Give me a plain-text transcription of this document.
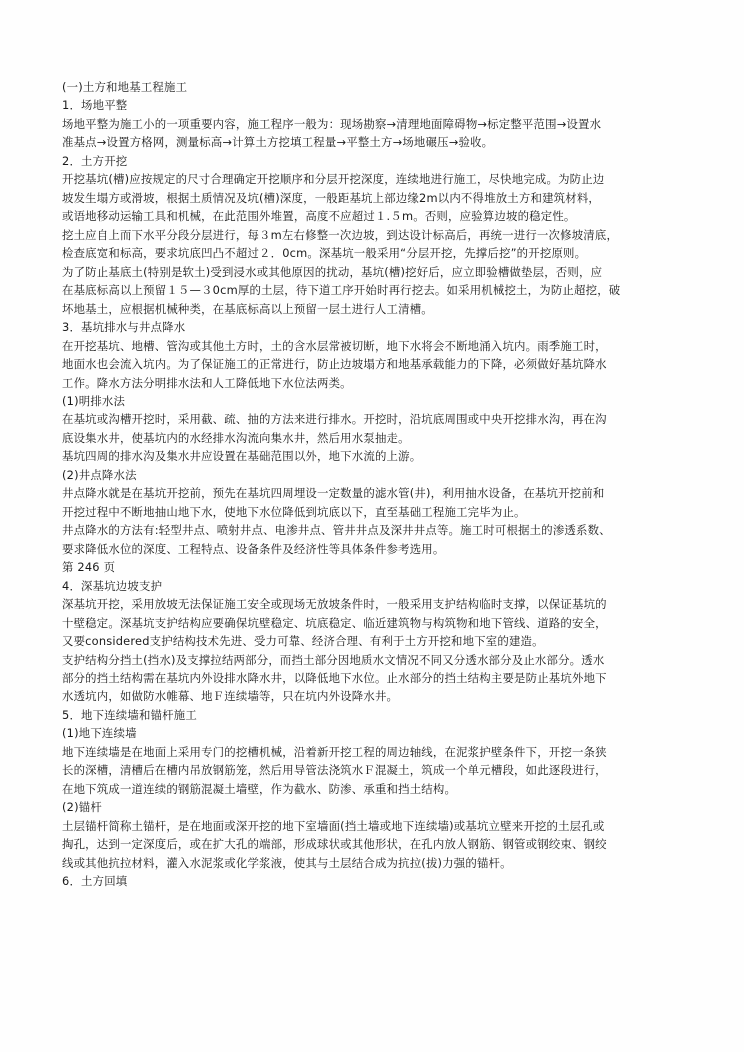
(一)土方和地基工程施工
1．场地平整
场地平整为施工小的一项重要内容，施工程序一般为：现场勘察→清理地面障碍物→标定整平范围→设置水
准基点→设置方格网，测量标高→计算土方挖填工程量→平整土方→场地碾压→验收。
2．土方开挖
开挖基坑(槽)应按规定的尺寸合理确定开挖顺序和分层开挖深度，连续地进行施工，尽快地完成。为防止边
坡发生塌方或滑坡，根据土质情况及坑(槽)深度，一般距基坑上部边缘2m以内不得堆放土方和建筑材料，
或语地移动运输工具和机械，在此范围外堆置，高度不应超过１.５m。否则，应验算边坡的稳定性。
挖土应自上而下水平分段分层进行，每３m左右修整一次边坡，到达设计标高后，再统一进行一次修坡清底，
检查底宽和标高，要求坑底凹凸不超过２．0cm。深基坑一般采用“分层开挖，先撑后挖”的开挖原则。
为了防止基底土(特别是软土)受到浸水或其他原因的扰动，基坑(槽)挖好后，应立即验槽做垫层，否则，应
在基底标高以上预留１５—３0cm厚的土层，待下道工序开始时再行挖去。如采用机械挖土，为防止超挖，破
坏地基土，应根据机械种类，在基底标高以上预留一层土进行人工清槽。
3．基坑排水与井点降水
在开挖基坑、地槽、管沟或其他土方时，土的含水层常被切断，地下水将会不断地涌入坑内。雨季施工时，
地面水也会流入坑内。为了保证施工的正常进行，防止边坡塌方和地基承载能力的下降，必须做好基坑降水
工作。降水方法分明排水法和人工降低地下水位法两类。
(1)明排水法
在基坑或沟槽开挖时，采用截、疏、抽的方法来进行排水。开挖时，沿坑底周围或中央开挖排水沟，再在沟
底设集水井，使基坑内的水经排水沟流向集水井，然后用水泵抽走。
基坑四周的排水沟及集水井应设置在基础范围以外，地下水流的上游。
(2)井点降水法
井点降水就是在基坑开挖前，预先在基坑四周埋设一定数量的滤水管(井)，利用抽水设备，在基坑开挖前和
开挖过程中不断地抽山地下水，使地下水位降低到坑底以下，直至基础工程施工完毕为止。
井点降水的方法有:轻型井点、喷射井点、电渗井点、管井井点及深井井点等。施工时可根据土的渗透系数、
要求降低水位的深度、工程特点、设备条件及经济性等具体条件参考选用。
第 246 页
4．深基坑边坡支护
深基坑开挖，采用放坡无法保证施工安全或现场无放坡条件时，一般采用支护结构临时支撑，以保证基坑的
十壁稳定。深基坑支护结构应要确保坑壁稳定、坑底稳定、临近建筑物与构筑物和地下管线、道路的安全，
又要considered支护结构技术先进、受力可靠、经济合理、有利于土方开挖和地下室的建造。
支护结构分挡土(挡水)及支撑拉结两部分，而挡土部分因地质水文情况不同又分透水部分及止水部分。透水
部分的挡土结构需在基坑内外设排水降水井，以降低地下水位。止水部分的挡土结构主要是防止基坑外地下
水透坑内，如做防水帷幕、地Ｆ连续墙等，只在坑内外设降水井。
5．地下连续墙和锚杆施工
(1)地下连续墙
地下连续墙是在地面上采用专门的挖槽机械，沿着新开挖工程的周边轴线，在泥浆护壁条件下，开挖一条狭
长的深槽，清槽后在槽内吊放钢筋笼，然后用导管法浇筑水Ｆ混凝土，筑成一个单元槽段，如此逐段进行，
在地下筑成一道连续的钢筋混凝土墙壁，作为截水、防渗、承重和挡土结构。
(2)锚杆
土层锚杆简称土锚杆，是在地面或深开挖的地下室墙面(挡土墙或地下连续墙)或基坑立壁来开挖的土层孔或
掏孔，达到一定深度后，或在扩大孔的端部，形成球状或其他形状，在孔内放人钢筋、钢管或钢绞束、钢绞
线或其他抗拉材料，灌入水泥浆或化学浆液，使其与土层结合成为抗拉(拔)力强的锚杆。
6．土方回填
